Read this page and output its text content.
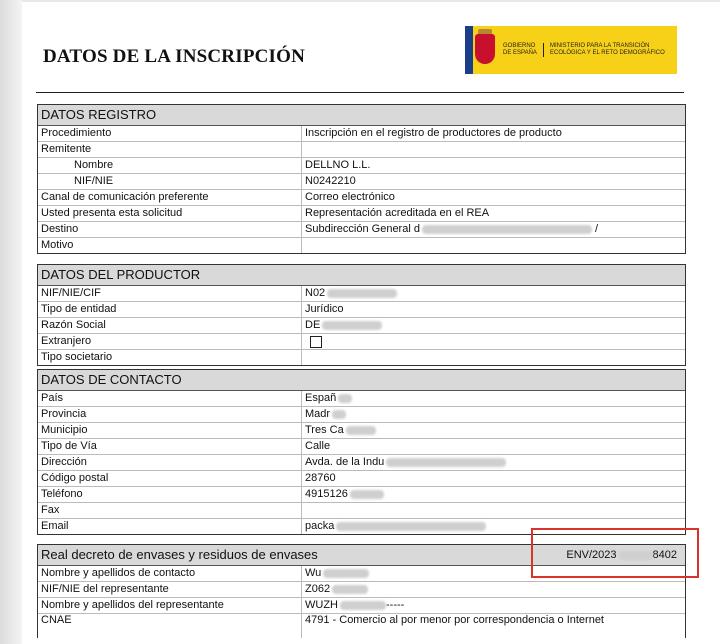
DATOS DE LA INSCRIPCIÓN	GOBIERNO DE ESPAÑA
MINISTERIO PARA LA TRANSICIÓN ECOLÓGICA Y EL RETO DEMOGRÁFICO
DATOS REGISTRO
Procedimiento	Inscripción en el registro de productores de producto
Remitente
Nombre	DELLNO L.L.
NIF/NIE	N0242210
Canal de comunicación preferente	Correo electrónico
Usted presenta esta solicitud	Representación acreditada en el REA
Destino	Subdirección General d	/
Motivo
DATOS DEL PRODUCTOR
NIF/NIE/CIF	N02
Tipo de entidad	Jurídico
Razón Social	DE
Extranjero
Tipo societario
DATOS DE CONTACTO
País	Españ
Provincia	Madr
Municipio	Tres Ca
Tipo de Vía	Calle
Dirección	Avda. de la Indu
Código postal	28760
Teléfono	4915126
Fax
Email	packa
Real decreto de envases y residuos de envases	ENV/2023	8402
Nombre y apellidos de contacto	Wu
NIF/NIE del representante	Z062
Nombre y apellidos del representante	WUZH	-----
CNAE	4791 - Comercio al por menor por correspondencia o Internet
